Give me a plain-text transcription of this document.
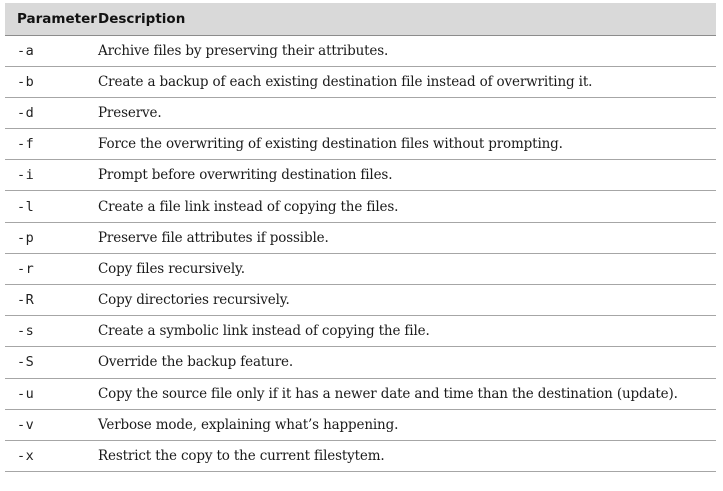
Parameter	Description
-a	Archive files by preserving their attributes.
-b	Create a backup of each existing destination file instead of overwriting it.
-d	Preserve.
-f	Force the overwriting of existing destination files without prompting.
-i	Prompt before overwriting destination files.
-l	Create a file link instead of copying the files.
-p	Preserve file attributes if possible.
-r	Copy files recursively.
-R	Copy directories recursively.
-s	Create a symbolic link instead of copying the file.
-S	Override the backup feature.
-u	Copy the source file only if it has a newer date and time than the destination (update).
-v	Verbose mode, explaining what’s happening.
-x	Restrict the copy to the current filestytem.
